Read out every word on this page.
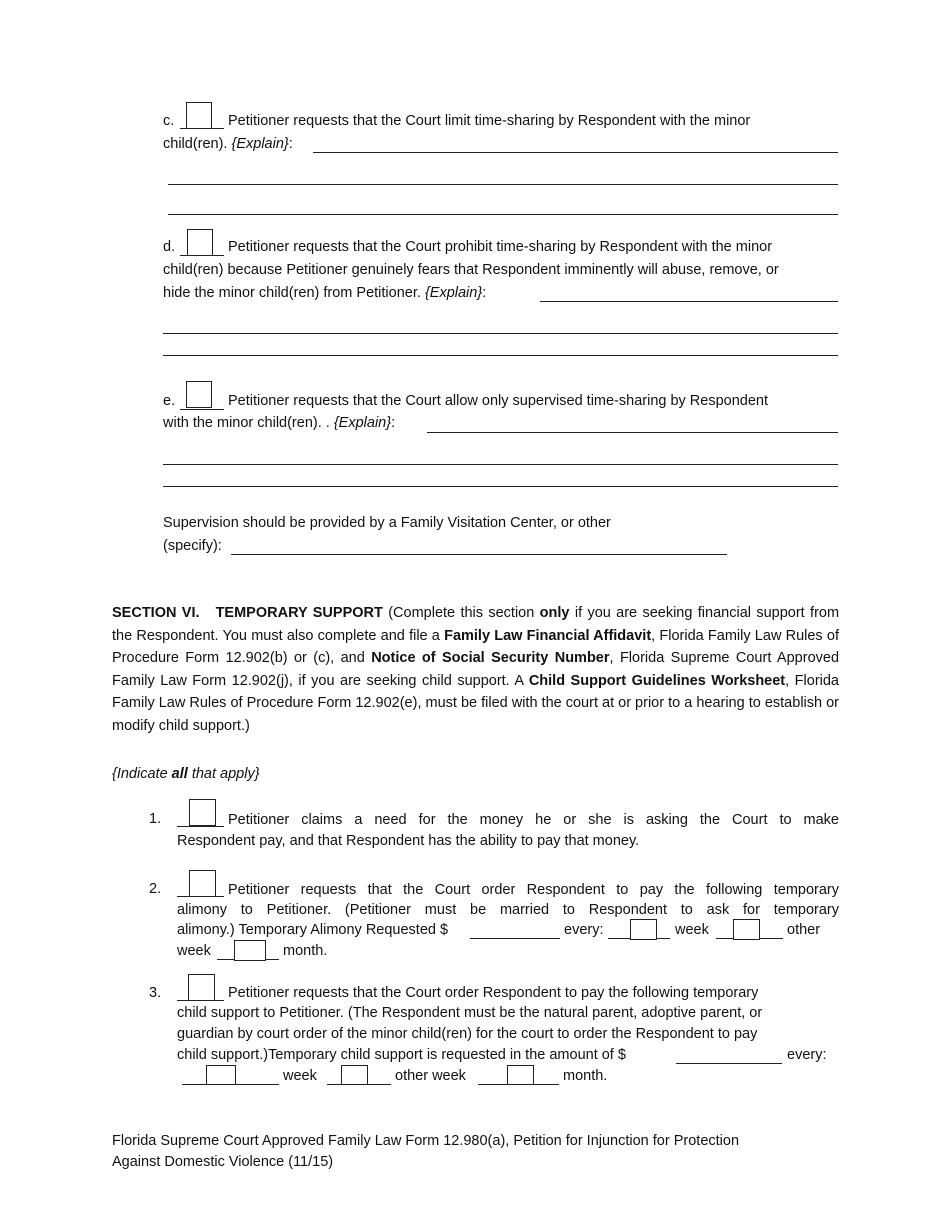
c.	Petitioner requests that the Court limit time-sharing by Respondent with the minor
child(ren). {Explain}:
d.	Petitioner requests that the Court prohibit time-sharing by Respondent with the minor
child(ren) because Petitioner genuinely fears that Respondent imminently will abuse, remove, or
hide the minor child(ren) from Petitioner. {Explain}:
e.	Petitioner requests that the Court allow only supervised time-sharing by Respondent
with the minor child(ren). . {Explain}:
Supervision should be provided by a Family Visitation Center, or other
(specify):
SECTION VI. TEMPORARY SUPPORT (Complete this section only if you are seeking financial support from the Respondent. You must also complete and file a Family Law Financial Affidavit, Florida Family Law Rules of Procedure Form 12.902(b) or (c), and Notice of Social Security Number, Florida Supreme Court Approved Family Law Form 12.902(j), if you are seeking child support. A Child Support Guidelines Worksheet, Florida Family Law Rules of Procedure Form 12.902(e), must be filed with the court at or prior to a hearing to establish or modify child support.)
{Indicate all that apply}
1.	Petitioner claims a need for the money he or she is asking the Court to make
Respondent pay, and that Respondent has the ability to pay that money.
2.	Petitioner requests that the Court order Respondent to pay the following temporary
alimony to Petitioner. (Petitioner must be married to Respondent to ask for temporary
alimony.) Temporary Alimony Requested $	every:	week	other
week	month.
3.	Petitioner requests that the Court order Respondent to pay the following temporary
child support to Petitioner. (The Respondent must be the natural parent, adoptive parent, or
guardian by court order of the minor child(ren) for the court to order the Respondent to pay
child support.)Temporary child support is requested in the amount of $	every:
week	other week	month.
Florida Supreme Court Approved Family Law Form 12.980(a), Petition for Injunction for Protection
Against Domestic Violence (11/15)
